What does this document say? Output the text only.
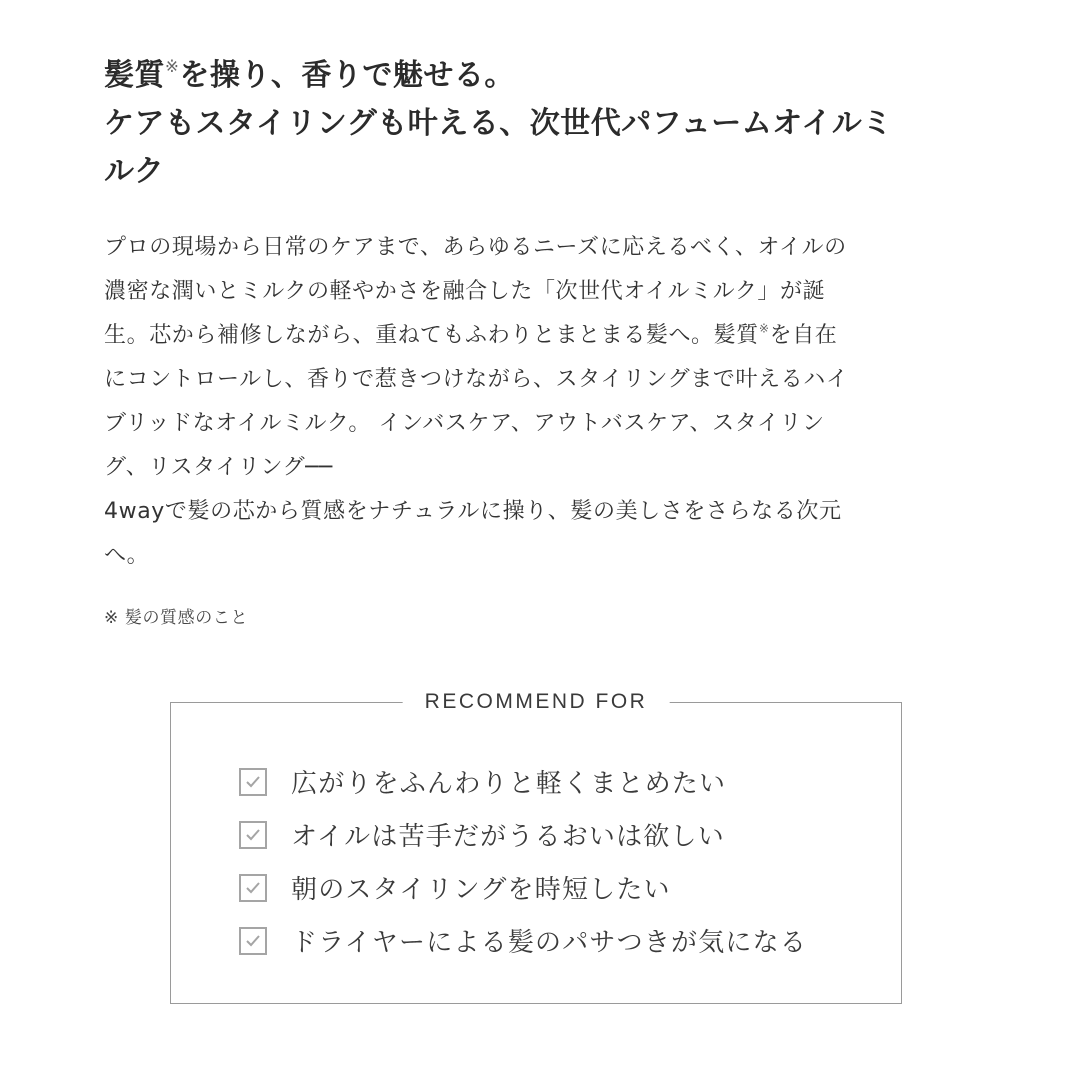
髪質※を操り、香りで魅せる。
ケアもスタイリングも叶える、次世代パフュームオイルミ
ルク
プロの現場から日常のケアまで、あらゆるニーズに応えるべく、オイルの
濃密な潤いとミルクの軽やかさを融合した「次世代オイルミルク」が誕
生。芯から補修しながら、重ねてもふわりとまとまる髪へ。髪質※を自在
にコントロールし、香りで惹きつけながら、スタイリングまで叶えるハイ
ブリッドなオイルミルク。 インバスケア、アウトバスケア、スタイリン
グ、リスタイリング──
4wayで髪の芯から質感をナチュラルに操り、髪の美しさをさらなる次元
へ。
※ 髪の質感のこと
RECOMMEND FOR
広がりをふんわりと軽くまとめたい
オイルは苦手だがうるおいは欲しい
朝のスタイリングを時短したい
ドライヤーによる髪のパサつきが気になる
